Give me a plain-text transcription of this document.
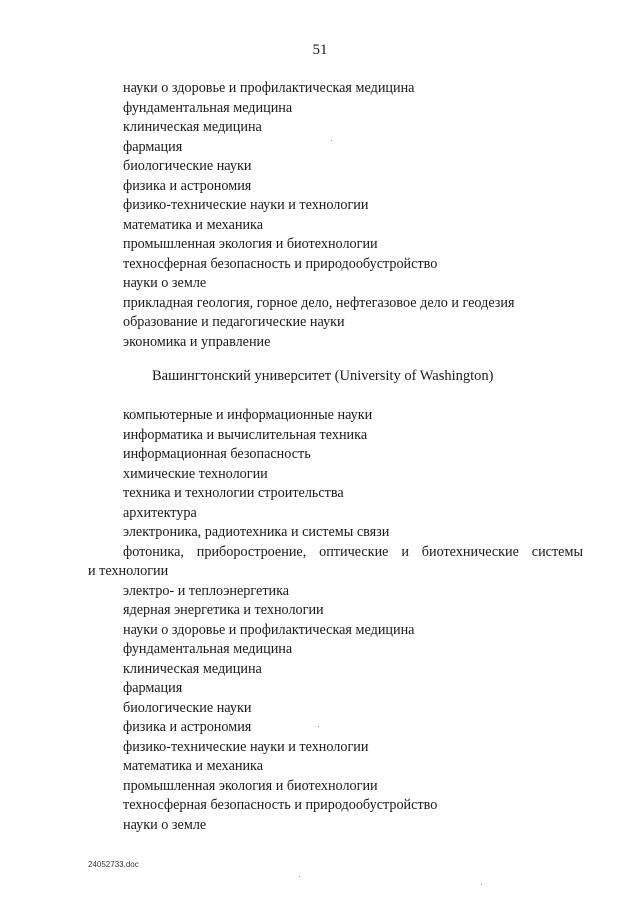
51
науки о здоровье и профилактическая медицина
фундаментальная медицина
клиническая медицина
фармация
биологические науки
физика и астрономия
физико-технические науки и технологии
математика и механика
промышленная экология и биотехнологии
техносферная безопасность и природообустройство
науки о земле
прикладная геология, горное дело, нефтегазовое дело и геодезия
образование и педагогические науки
экономика и управление
Вашингтонский университет (University of Washington)
компьютерные и информационные науки
информатика и вычислительная техника
информационная безопасность
химические технологии
техника и технологии строительства
архитектура
электроника, радиотехника и системы связи
фотоника, приборостроение, оптические и биотехнические системы
и технологии
электро- и теплоэнергетика
ядерная энергетика и технологии
науки о здоровье и профилактическая медицина
фундаментальная медицина
клиническая медицина
фармация
биологические науки
физика и астрономия
физико-технические науки и технологии
математика и механика
промышленная экология и биотехнологии
техносферная безопасность и природообустройство
науки о земле
24052733.doc
